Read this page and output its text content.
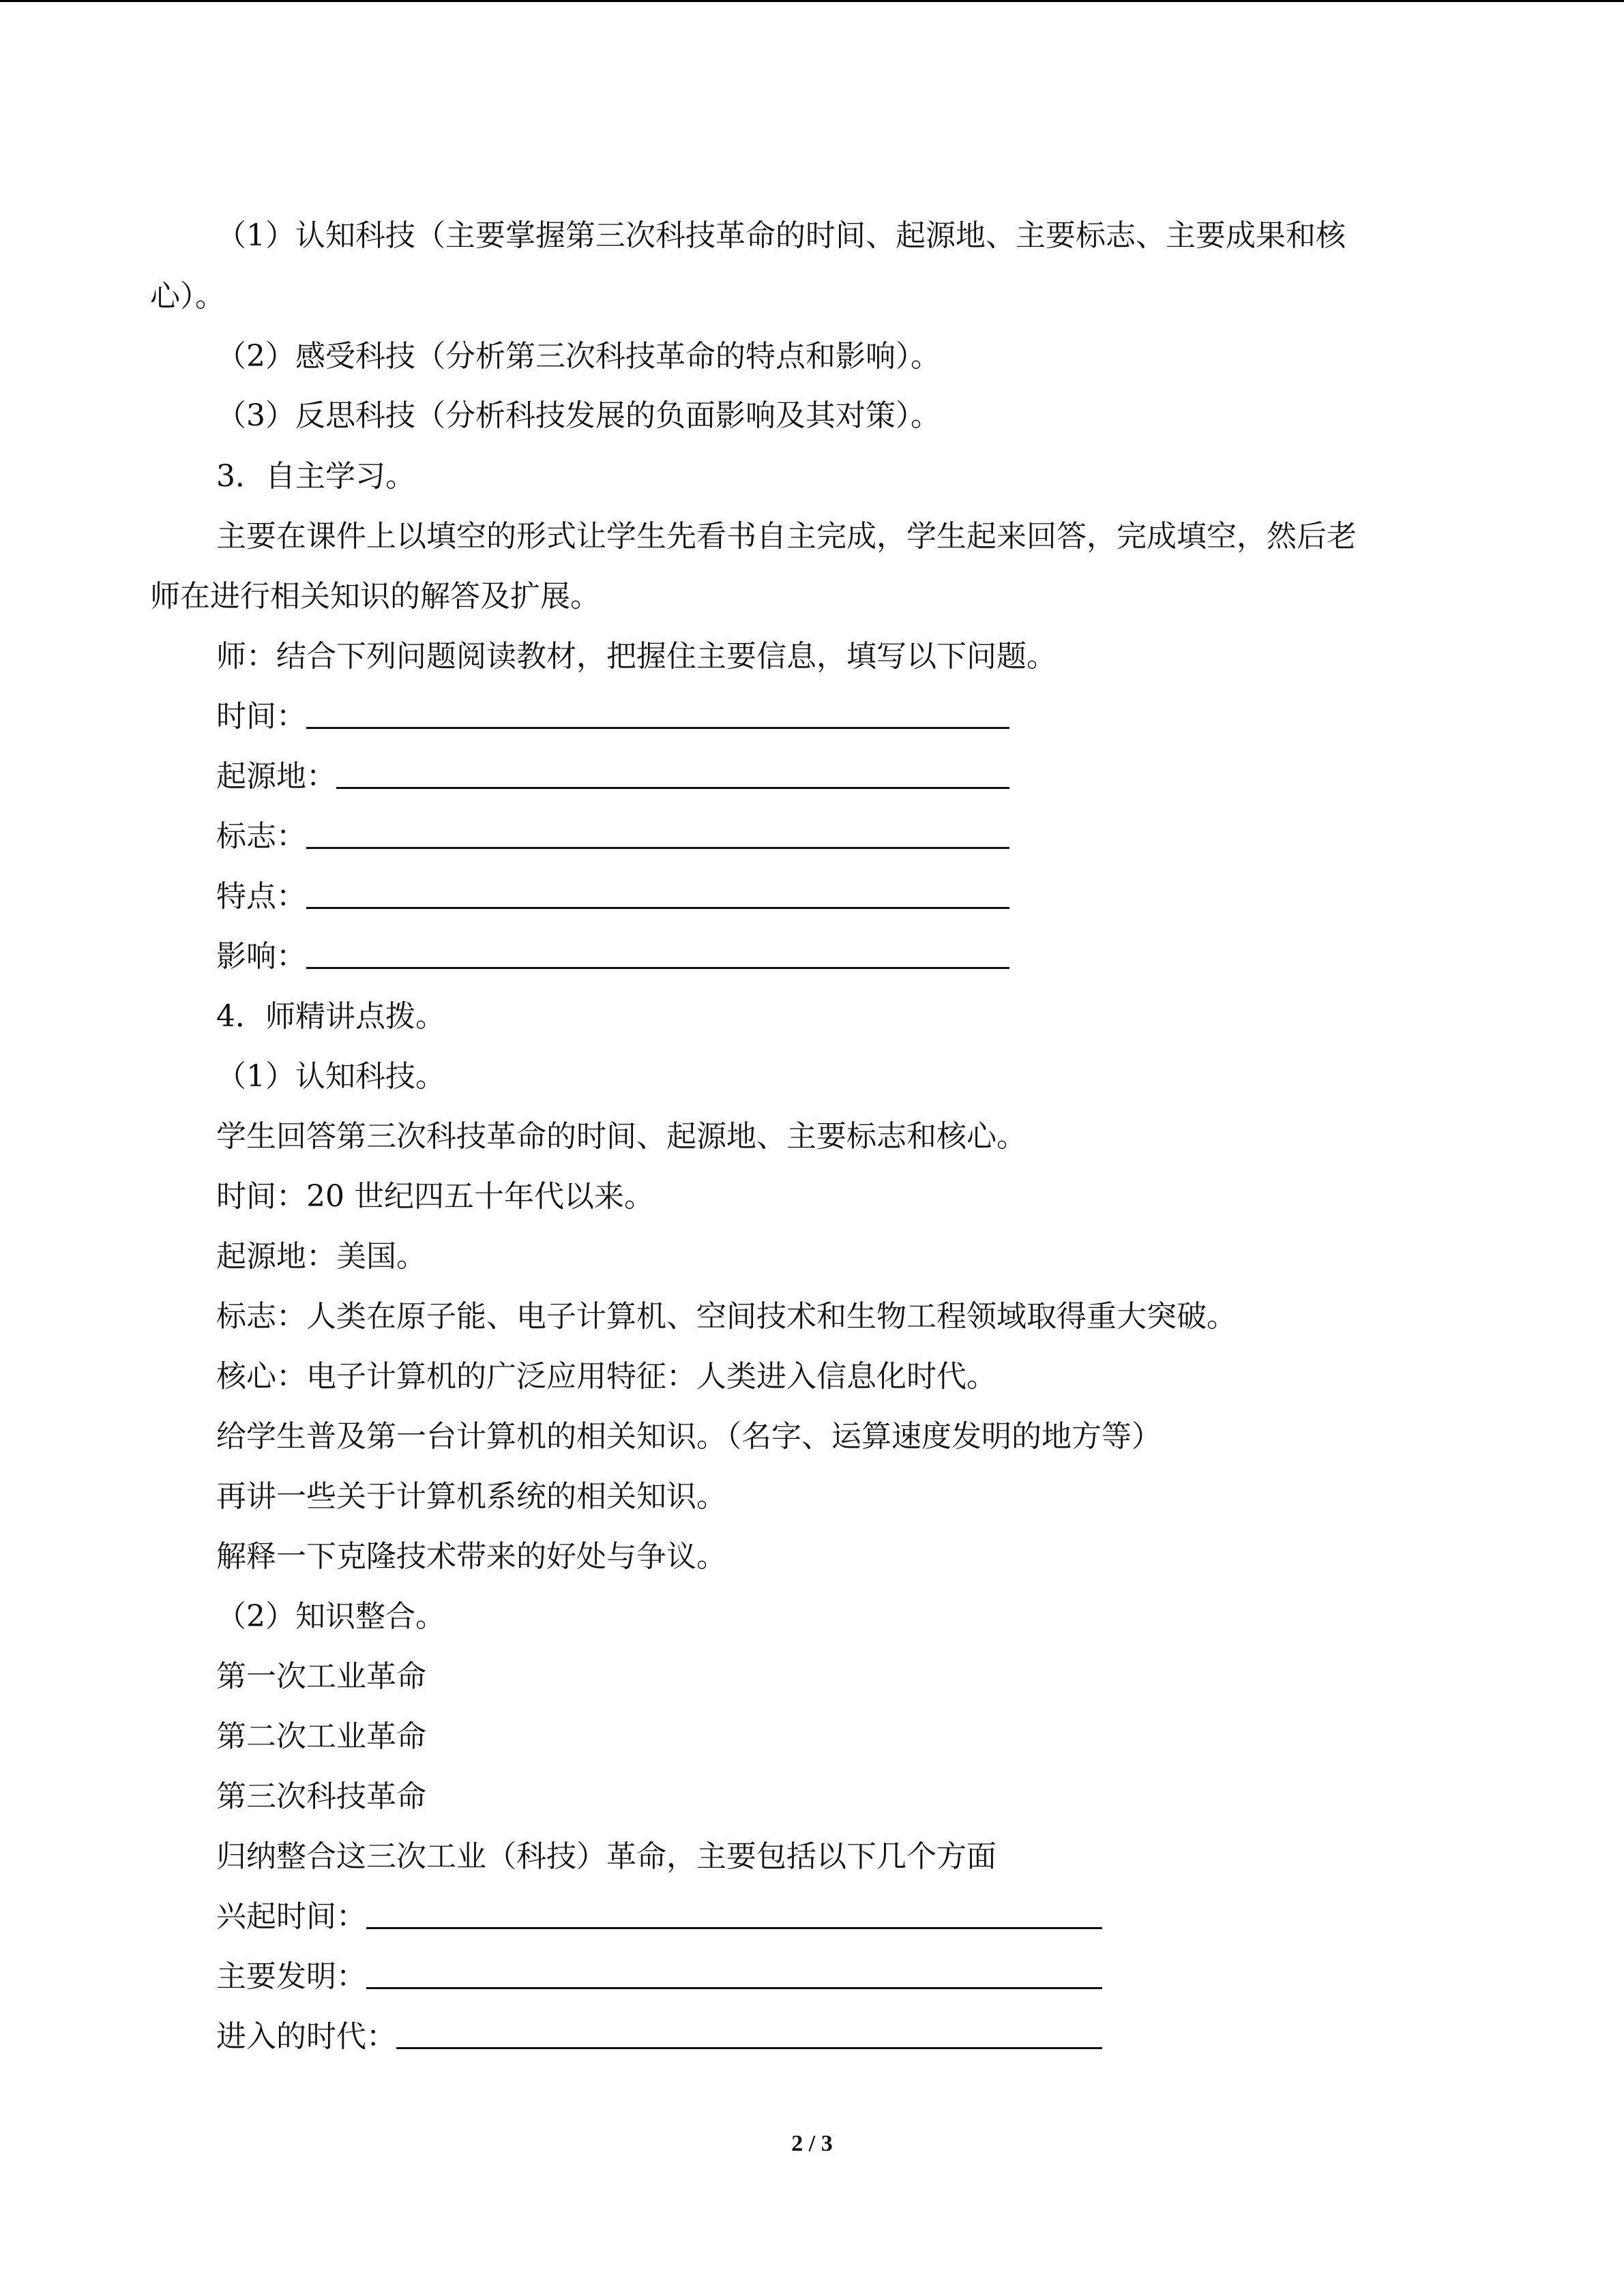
（1）认知科技（主要掌握第三次科技革命的时间、起源地、主要标志、主要成果和核
心）。
（2）感受科技（分析第三次科技革命的特点和影响）。
（3）反思科技（分析科技发展的负面影响及其对策）。
3．自主学习。
主要在课件上以填空的形式让学生先看书自主完成，学生起来回答，完成填空，然后老
师在进行相关知识的解答及扩展。
师：结合下列问题阅读教材，把握住主要信息，填写以下问题。
时间：
起源地：
标志：
特点：
影响：
4．师精讲点拨。
（1）认知科技。
学生回答第三次科技革命的时间、起源地、主要标志和核心。
时间：20 世纪四五十年代以来。
起源地：美国。
标志：人类在原子能、电子计算机、空间技术和生物工程领域取得重大突破。
核心：电子计算机的广泛应用特征：人类进入信息化时代。
给学生普及第一台计算机的相关知识。（名字、运算速度发明的地方等）
再讲一些关于计算机系统的相关知识。
解释一下克隆技术带来的好处与争议。
（2）知识整合。
第一次工业革命
第二次工业革命
第三次科技革命
归纳整合这三次工业（科技）革命，主要包括以下几个方面
兴起时间：
主要发明：
进入的时代：
2 / 3
